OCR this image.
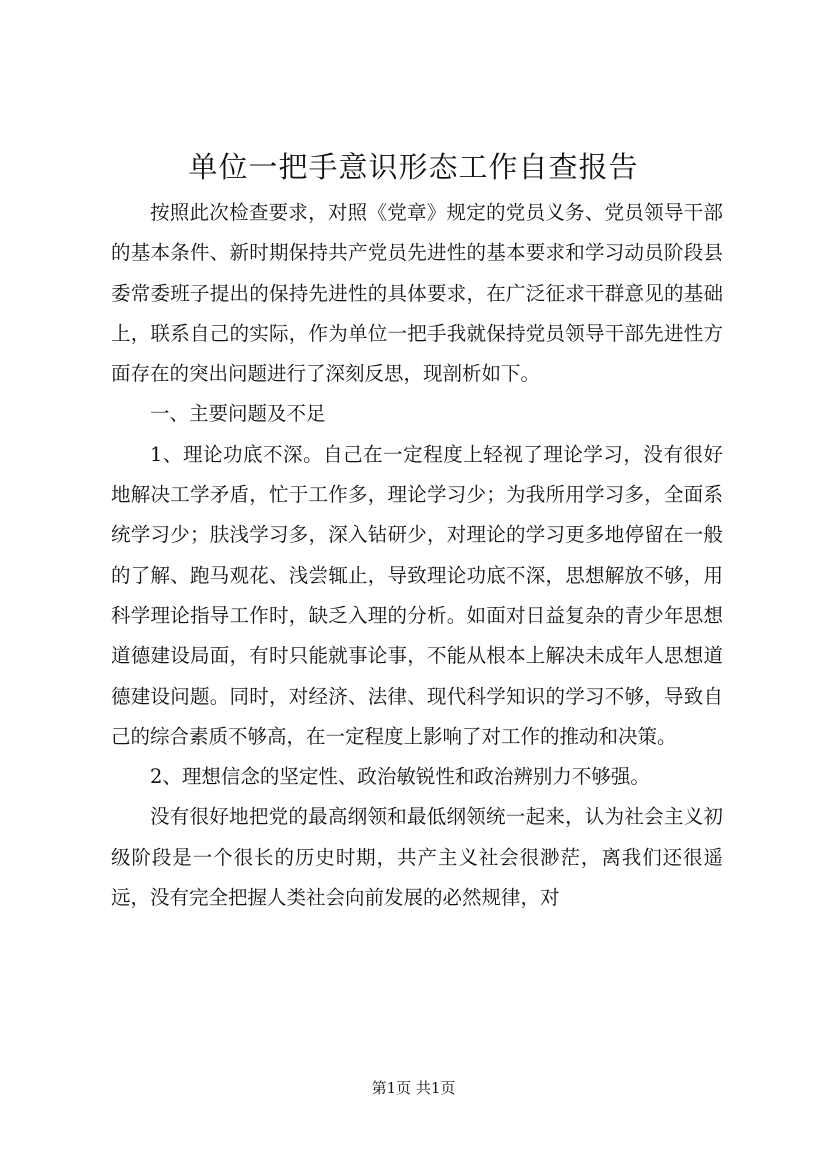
单位一把手意识形态工作自查报告

按照此次检查要求，对照《党章》规定的党员义务、党员领导干部的基本条件、新时期保持共产党员先进性的基本要求和学习动员阶段县委常委班子提出的保持先进性的具体要求，在广泛征求干群意见的基础上，联系自己的实际，作为单位一把手我就保持党员领导干部先进性方面存在的突出问题进行了深刻反思，现剖析如下。

一、主要问题及不足

1、理论功底不深。自己在一定程度上轻视了理论学习，没有很好地解决工学矛盾，忙于工作多，理论学习少；为我所用学习多，全面系统学习少；肤浅学习多，深入钻研少，对理论的学习更多地停留在一般的了解、跑马观花、浅尝辄止，导致理论功底不深，思想解放不够，用科学理论指导工作时，缺乏入理的分析。如面对日益复杂的青少年思想道德建设局面，有时只能就事论事，不能从根本上解决未成年人思想道德建设问题。同时，对经济、法律、现代科学知识的学习不够，导致自己的综合素质不够高，在一定程度上影响了对工作的推动和决策。

2、理想信念的坚定性、政治敏锐性和政治辨别力不够强。

没有很好地把党的最高纲领和最低纲领统一起来，认为社会主义初级阶段是一个很长的历史时期，共产主义社会很渺茫，离我们还很遥远，没有完全把握人类社会向前发展的必然规律，对

第1页 共1页
